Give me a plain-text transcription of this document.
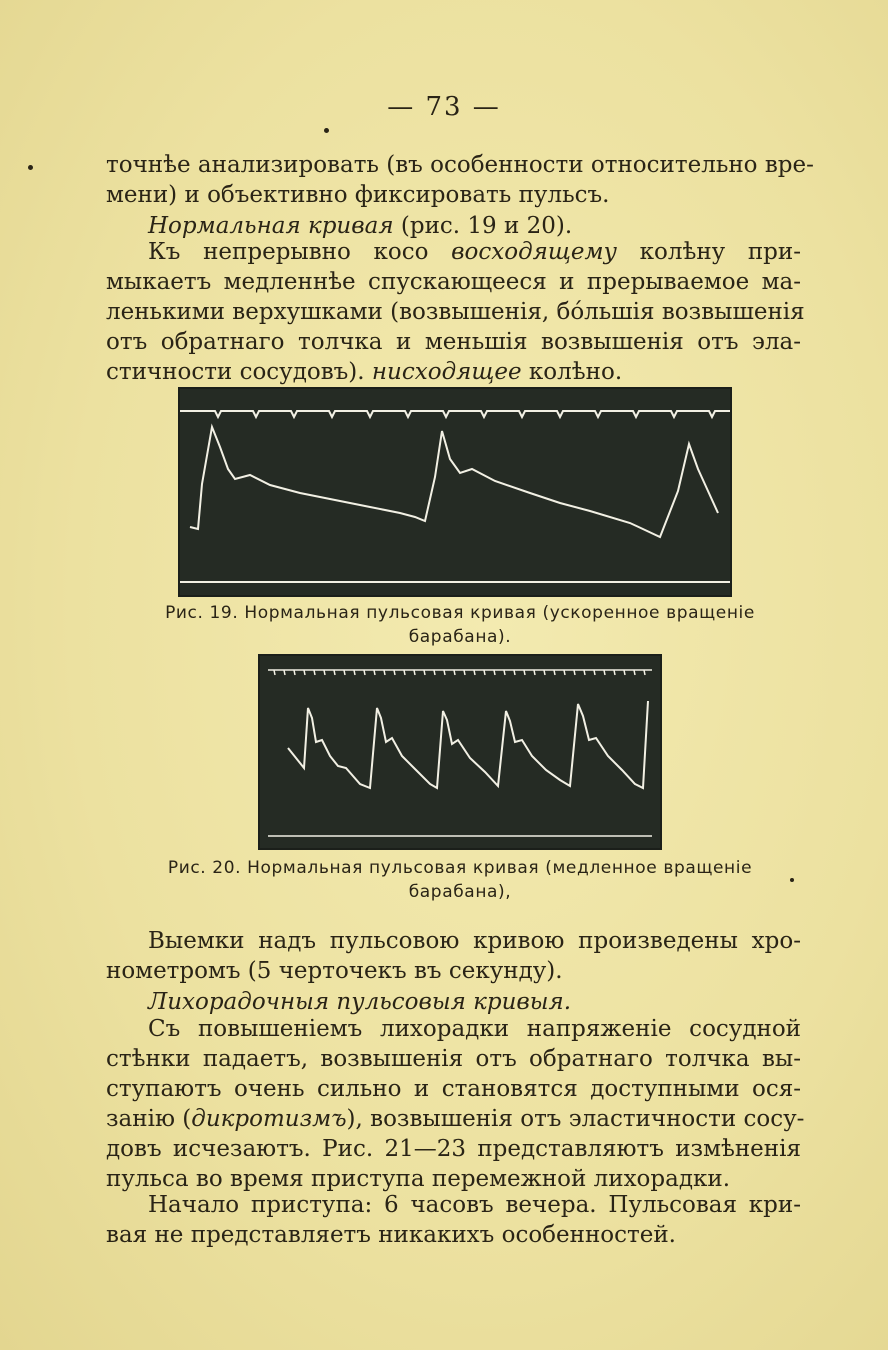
— 73 —
точнѣе анализировать (въ особенности относительно вре-
мени) и объективно фиксировать пульсъ.
Нормальная кривая (рис. 19 и 20).
Къ непрерывно косо восходящему колѣну при-
мыкаетъ медленнѣе спускающееся и прерываемое ма-
ленькими верхушками (возвышенія, бóльшія возвышенія
отъ обратнаго толчка и меньшія возвышенія отъ эла-
стичности сосудовъ). нисходящее колѣно.
Рис. 19. Нормальная пульсовая кривая (ускоренное вращеніе
барабана).
Рис. 20. Нормальная пульсовая кривая (медленное вращеніе
барабана),
Выемки надъ пульсовою кривою произведены хро-
нометромъ (5 черточекъ въ секунду).
Лихорадочныя пульсовыя кривыя.
Съ повышеніемъ лихорадки напряженіе сосудной
стѣнки падаетъ, возвышенія отъ обратнаго толчка вы-
ступаютъ очень сильно и становятся доступными ося-
занію (дикротизмъ), возвышенія отъ эластичности сосу-
довъ исчезаютъ. Рис. 21—23 представляютъ измѣненія
пульса во время приступа перемежной лихорадки.
Начало приступа: 6 часовъ вечера. Пульсовая кри-
вая не представляетъ никакихъ особенностей.
